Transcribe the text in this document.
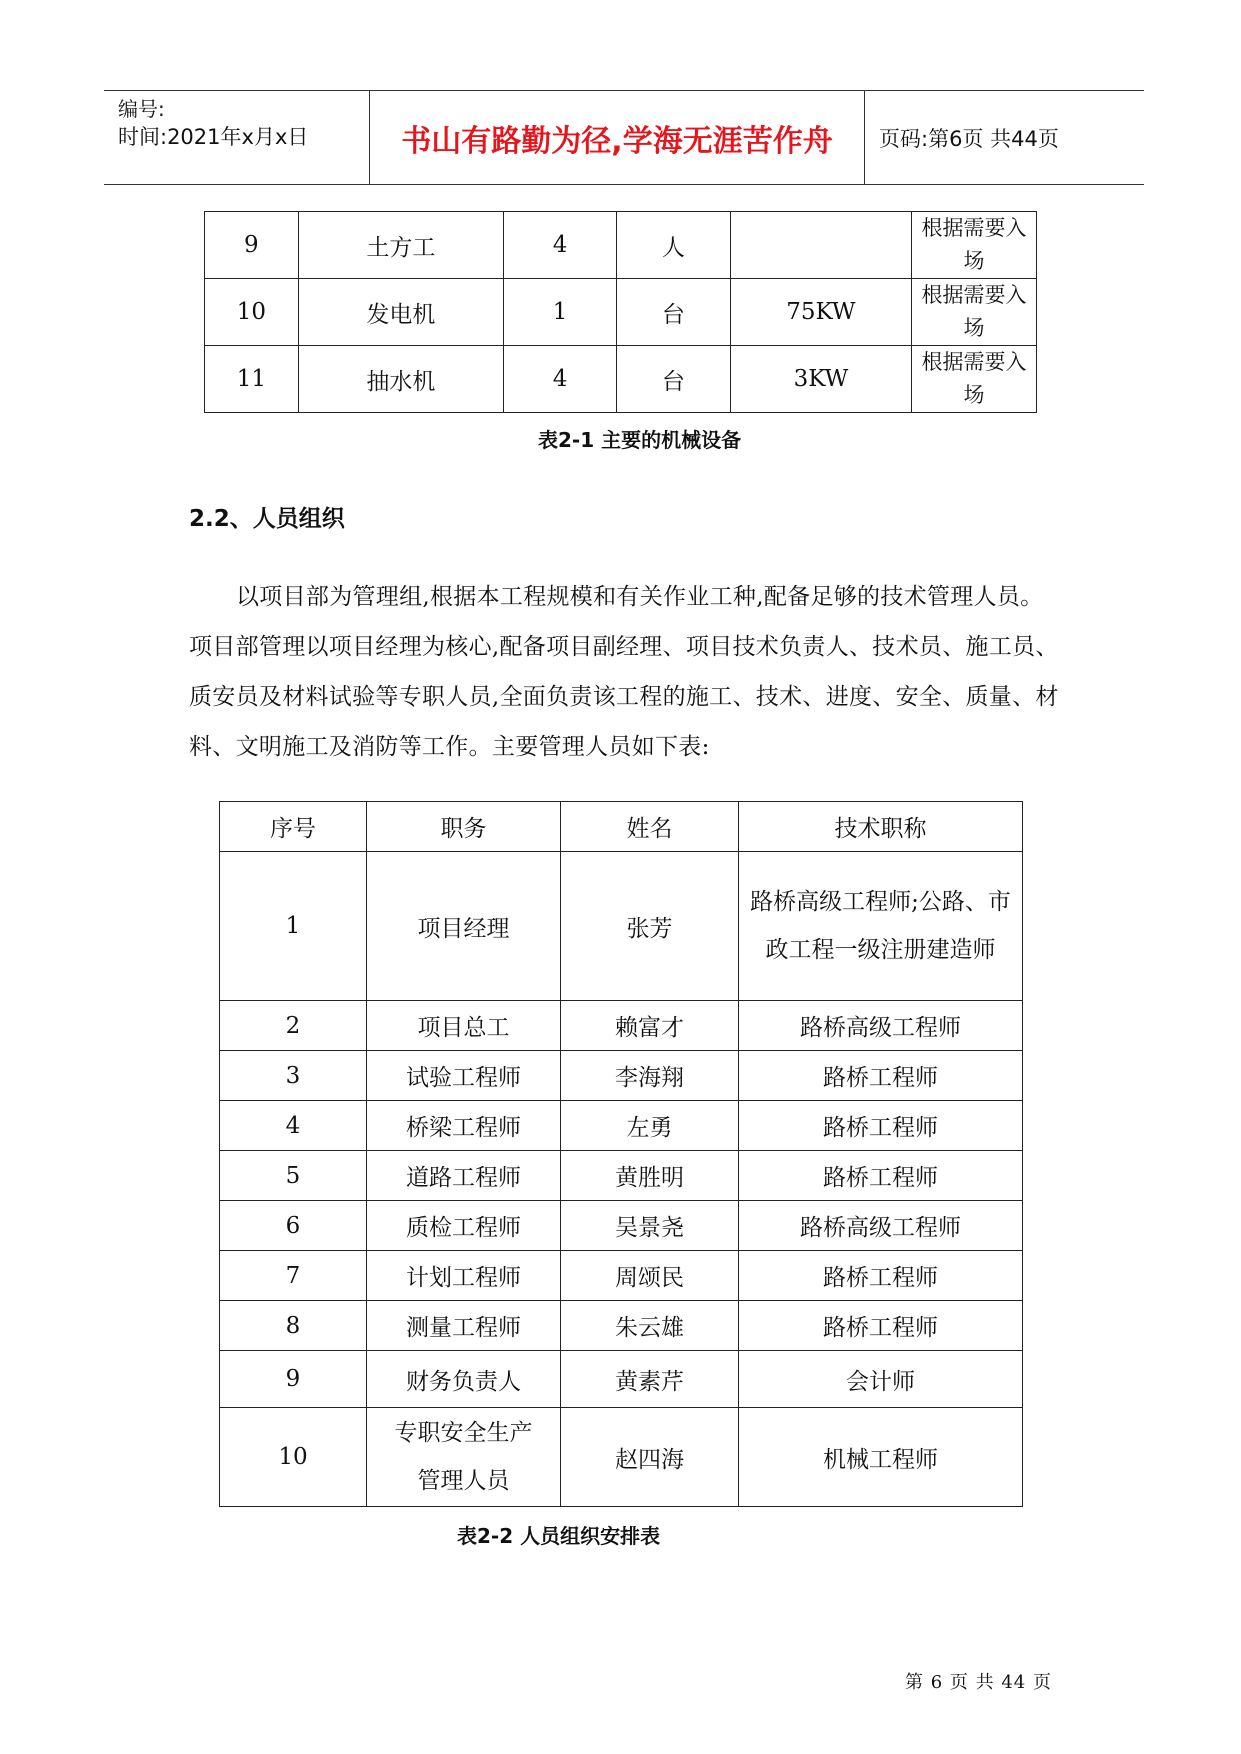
编号:
时间:2021年x月x日	书山有路勤为径,学海无涯苦作舟	页码:第6页 共44页
9	土方工	4	人		根据需要入场
10	发电机	1	台	75KW	根据需要入场
11	抽水机	4	台	3KW	根据需要入场
表2-1 主要的机械设备
2.2、人员组织

以项目部为管理组,根据本工程规模和有关作业工种,配备足够的技术管理人员。项目部管理以项目经理为核心,配备项目副经理、项目技术负责人、技术员、施工员、质安员及材料试验等专职人员,全面负责该工程的施工、技术、进度、安全、质量、材料、文明施工及消防等工作。主要管理人员如下表:

序号	职务	姓名	技术职称
1	项目经理	张芳	路桥高级工程师;公路、市政工程一级注册建造师
2	项目总工	赖富才	路桥高级工程师
3	试验工程师	李海翔	路桥工程师
4	桥梁工程师	左勇	路桥工程师
5	道路工程师	黄胜明	路桥工程师
6	质检工程师	吴景尧	路桥高级工程师
7	计划工程师	周颂民	路桥工程师
8	测量工程师	朱云雄	路桥工程师
9	财务负责人	黄素芹	会计师
10	专职安全生产管理人员	赵四海	机械工程师
表2-2 人员组织安排表
第 6 页 共 44 页
